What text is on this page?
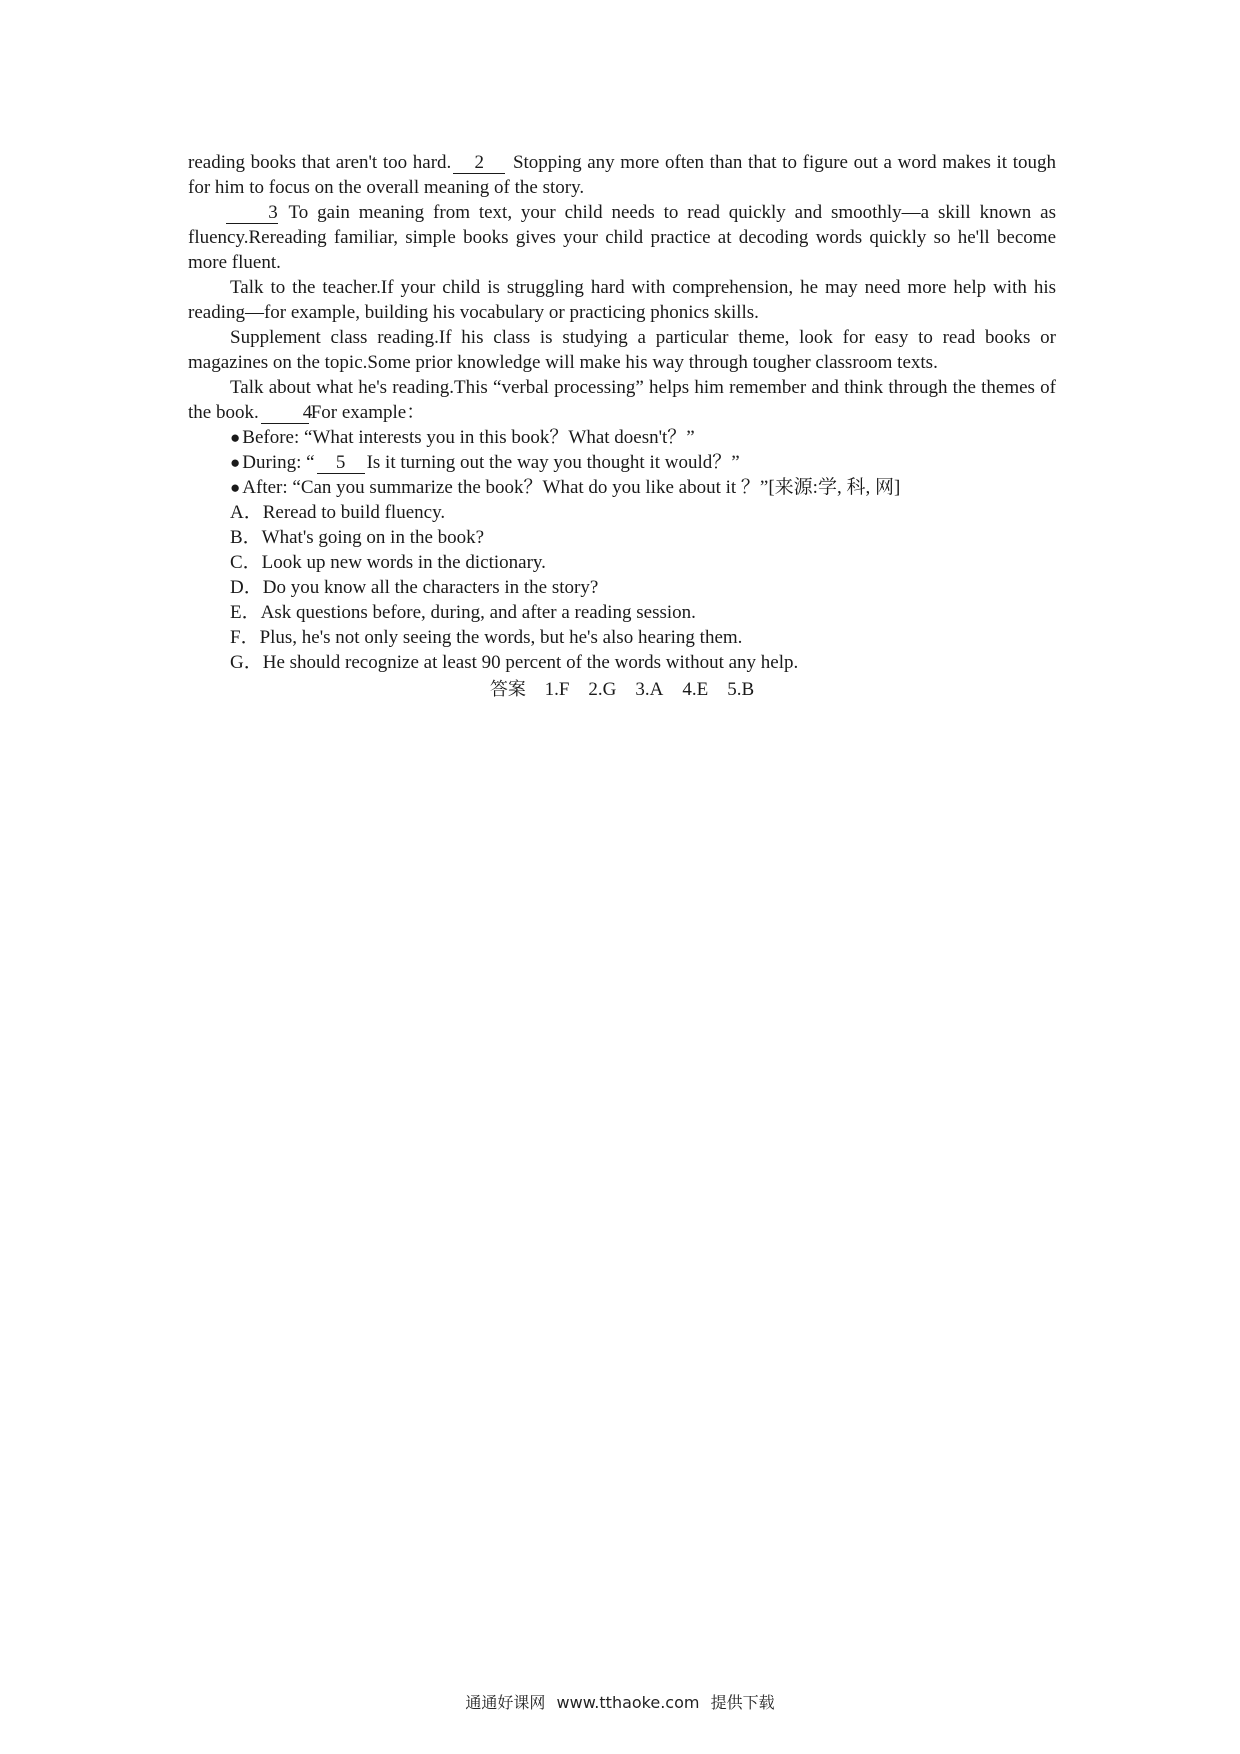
reading books that aren't too hard. 2 Stopping any more often than that to figure out a word makes it tough for him to focus on the overall meaning of the story.

3 To gain meaning from text, your child needs to read quickly and smoothly—a skill known as fluency.Rereading familiar, simple books gives your child practice at decoding words quickly so he'll become more fluent.

Talk to the teacher.If your child is struggling hard with comprehension, he may need more help with his reading—for example, building his vocabulary or practicing phonics skills.

Supplement class reading.If his class is studying a particular theme, look for easy to read books or magazines on the topic.Some prior knowledge will make his way through tougher classroom texts.

Talk about what he's reading.This “verbal processing” helps him remember and think through the themes of the book. 4For example：

● Before: “What interests you in this book？What doesn't？”

● During: “ 5 Is it turning out the way you thought it would？”

● After: “Can you summarize the book？What do you like about it ？”[来源:学, 科, 网]

A．Reread to build fluency.

B．What's going on in the book?

C．Look up new words in the dictionary.

D．Do you know all the characters in the story?

E．Ask questions before, during, and after a reading session.

F．Plus, he's not only seeing the words, but he's also hearing them.

G．He should recognize at least 90 percent of the words without any help.

答案 1.F 2.G 3.A 4.E 5.B

通通好课网 www.tthaoke.com 提供下载
